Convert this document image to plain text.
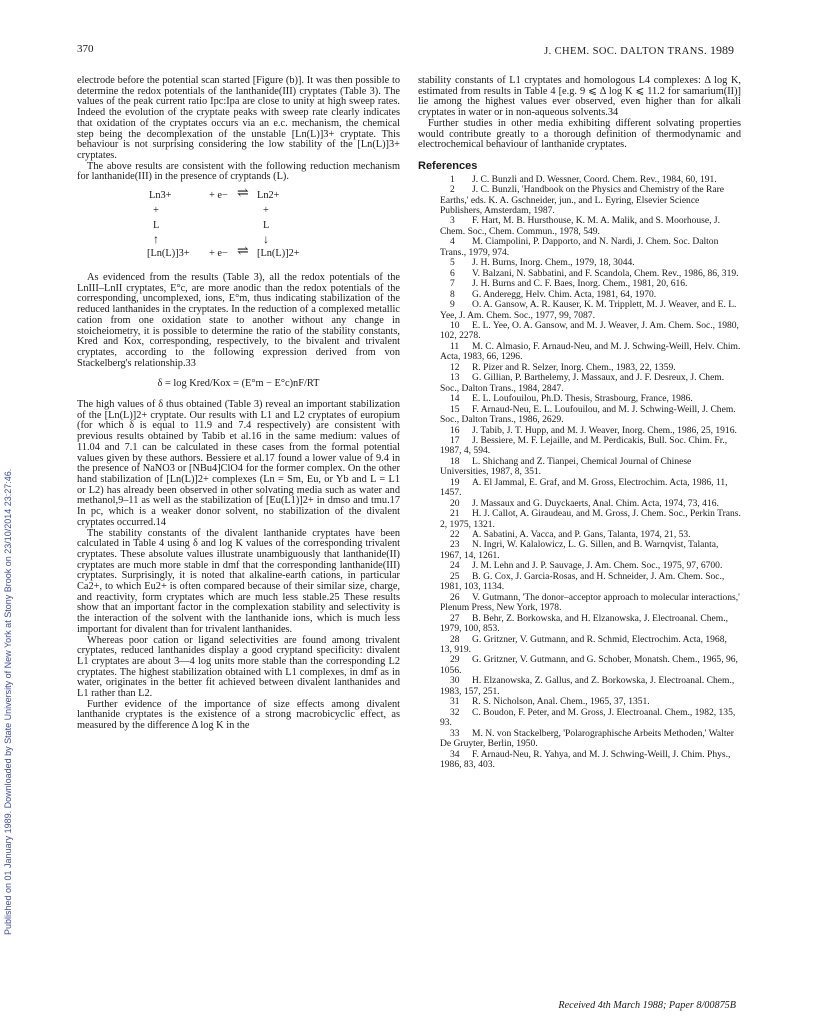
370	J. CHEM. SOC. DALTON TRANS. 1989
Published on 01 January 1989. Downloaded by State University of New York at Stony Brook on 23/10/2014 23:27:46.

electrode before the potential scan started [Figure (b)]. It was then possible to determine the redox potentials of the lanthanide(III) cryptates (Table 3). The values of the peak current ratio Ipc:Ipa are close to unity at high sweep rates. Indeed the evolution of the cryptate peaks with sweep rate clearly indicates that oxidation of the cryptates occurs via an e.c. mechanism, the chemical step being the decomplexation of the unstable [Ln(L)]3+ cryptate. This behaviour is not surprising considering the low stability of the [Ln(L)]3+ cryptates.

The above results are consistent with the following reduction mechanism for lanthanide(III) in the presence of cryptands (L).

Ln3+	+ e− ⇌ Ln2+
+	+
L	L
↑	↓
[Ln(L)]3+ + e− ⇌ [Ln(L)]2+

As evidenced from the results (Table 3), all the redox potentials of the LnIII–LnII cryptates, E°c, are more anodic than the redox potentials of the corresponding, uncomplexed, ions, E°m, thus indicating stabilization of the reduced lanthanides in the cryptates. In the reduction of a complexed metallic cation from one oxidation state to another without any change in stoicheiometry, it is possible to determine the ratio of the stability constants, Kred and Kox, corresponding, respectively, to the bivalent and trivalent cryptates, according to the following expression derived from von Stackelberg's relationship.33

δ = log Kred/Kox = (E°m − E°c)nF/RT

The high values of δ thus obtained (Table 3) reveal an important stabilization of the [Ln(L)]2+ cryptate. Our results with L1 and L2 cryptates of europium (for which δ is equal to 11.9 and 7.4 respectively) are consistent with previous results obtained by Tabib et al.16 in the same medium: values of 11.04 and 7.1 can be calculated in these cases from the formal potential values given by these authors. Bessiere et al.17 found a lower value of 9.4 in the presence of NaNO3 or [NBu4]ClO4 for the former complex. On the other hand stabilization of [Ln(L)]2+ complexes (Ln = Sm, Eu, or Yb and L = L1 or L2) has already been observed in other solvating media such as water and methanol,9–11 as well as the stabilization of [Eu(L1)]2+ in dmso and tmu.17 In pc, which is a weaker donor solvent, no stabilization of the divalent cryptates occurred.14

The stability constants of the divalent lanthanide cryptates have been calculated in Table 4 using δ and log K values of the corresponding trivalent cryptates. These absolute values illustrate unambiguously that lanthanide(II) cryptates are much more stable in dmf that the corresponding lanthanide(III) cryptates. Surprisingly, it is noted that alkaline-earth cations, in particular Ca2+, to which Eu2+ is often compared because of their similar size, charge, and reactivity, form cryptates which are much less stable.25 These results show that an important factor in the complexation stability and selectivity is the interaction of the solvent with the lanthanide ions, which is much less important for divalent than for trivalent lanthanides.

Whereas poor cation or ligand selectivities are found among trivalent cryptates, reduced lanthanides display a good cryptand specificity: divalent L1 cryptates are about 3—4 log units more stable than the corresponding L2 cryptates. The highest stabilization obtained with L1 complexes, in dmf as in water, originates in the better fit achieved between divalent lanthanides and L1 rather than L2.

Further evidence of the importance of size effects among divalent lanthanide cryptates is the existence of a strong macrobicyclic effect, as measured by the difference Δ log K in the

stability constants of L1 cryptates and homologous L4 complexes: Δ log K, estimated from results in Table 4 [e.g. 9 ⩽ Δ log K ⩽ 11.2 for samarium(II)] lie among the highest values ever observed, even higher than for alkali cryptates in water or in non-aqueous solvents.34

Further studies in other media exhibiting different solvating properties would contribute greatly to a thorough definition of thermodynamic and electrochemical behaviour of lanthanide cryptates.

References

1 J. C. Bunzli and D. Wessner, Coord. Chem. Rev., 1984, 60, 191.

2 J. C. Bunzli, 'Handbook on the Physics and Chemistry of the Rare Earths,' eds. K. A. Gschneider, jun., and L. Eyring, Elsevier Science Publishers, Amsterdam, 1987.

3 F. Hart, M. B. Hursthouse, K. M. A. Malik, and S. Moorhouse, J. Chem. Soc., Chem. Commun., 1978, 549.

4 M. Ciampolini, P. Dapporto, and N. Nardi, J. Chem. Soc. Dalton Trans., 1979, 974.

5 J. H. Burns, Inorg. Chem., 1979, 18, 3044.

6 V. Balzani, N. Sabbatini, and F. Scandola, Chem. Rev., 1986, 86, 319.

7 J. H. Burns and C. F. Baes, Inorg. Chem., 1981, 20, 616.

8 G. Anderegg, Helv. Chim. Acta, 1981, 64, 1970.

9 O. A. Gansow, A. R. Kauser, K. M. Tripplett, M. J. Weaver, and E. L. Yee, J. Am. Chem. Soc., 1977, 99, 7087.

10 E. L. Yee, O. A. Gansow, and M. J. Weaver, J. Am. Chem. Soc., 1980, 102, 2278.

11 M. C. Almasio, F. Arnaud-Neu, and M. J. Schwing-Weill, Helv. Chim. Acta, 1983, 66, 1296.

12 R. Pizer and R. Selzer, Inorg. Chem., 1983, 22, 1359.

13 G. Gillian, P. Barthelemy, J. Massaux, and J. F. Desreux, J. Chem. Soc., Dalton Trans., 1984, 2847.

14 E. L. Loufouilou, Ph.D. Thesis, Strasbourg, France, 1986.

15 F. Arnaud-Neu, E. L. Loufouilou, and M. J. Schwing-Weill, J. Chem. Soc., Dalton Trans., 1986, 2629.

16 J. Tabib, J. T. Hupp, and M. J. Weaver, Inorg. Chem., 1986, 25, 1916.

17 J. Bessiere, M. F. Lejaille, and M. Perdicakis, Bull. Soc. Chim. Fr., 1987, 4, 594.

18 L. Shichang and Z. Tianpei, Chemical Journal of Chinese Universities, 1987, 8, 351.

19 A. El Jammal, E. Graf, and M. Gross, Electrochim. Acta, 1986, 11, 1457.

20 J. Massaux and G. Duyckaerts, Anal. Chim. Acta, 1974, 73, 416.

21 H. J. Callot, A. Giraudeau, and M. Gross, J. Chem. Soc., Perkin Trans. 2, 1975, 1321.

22 A. Sabatini, A. Vacca, and P. Gans, Talanta, 1974, 21, 53.

23 N. Ingri, W. Kalalowicz, L. G. Sillen, and B. Warnqvist, Talanta, 1967, 14, 1261.

24 J. M. Lehn and J. P. Sauvage, J. Am. Chem. Soc., 1975, 97, 6700.

25 B. G. Cox, J. Garcia-Rosas, and H. Schneider, J. Am. Chem. Soc., 1981, 103, 1134.

26 V. Gutmann, 'The donor–acceptor approach to molecular interactions,' Plenum Press, New York, 1978.

27 B. Behr, Z. Borkowska, and H. Elzanowska, J. Electroanal. Chem., 1979, 100, 853.

28 G. Gritzner, V. Gutmann, and R. Schmid, Electrochim. Acta, 1968, 13, 919.

29 G. Gritzner, V. Gutmann, and G. Schober, Monatsh. Chem., 1965, 96, 1056.

30 H. Elzanowska, Z. Gallus, and Z. Borkowska, J. Electroanal. Chem., 1983, 157, 251.

31 R. S. Nicholson, Anal. Chem., 1965, 37, 1351.

32 C. Boudon, F. Peter, and M. Gross, J. Electroanal. Chem., 1982, 135, 93.

33 M. N. von Stackelberg, 'Polarographische Arbeits Methoden,' Walter De Gruyter, Berlin, 1950.

34 F. Arnaud-Neu, R. Yahya, and M. J. Schwing-Weill, J. Chim. Phys., 1986, 83, 403.

Received 4th March 1988; Paper 8/00875B
